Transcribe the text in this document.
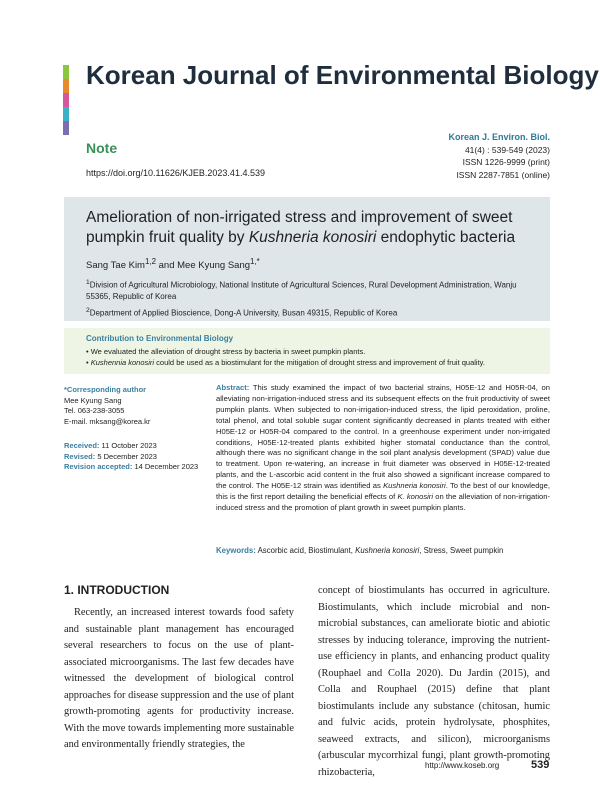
Korean Journal of Environmental Biology
Note
https://doi.org/10.11626/KJEB.2023.41.4.539
Korean J. Environ. Biol.
41(4) : 539-549 (2023)
ISSN 1226-9999 (print)
ISSN 2287-7851 (online)
Amelioration of non-irrigated stress and improvement of sweet pumpkin fruit quality by Kushneria konosiri endophytic bacteria
Sang Tae Kim$^{1,2}$ and Mee Kyung Sang$^{1,*}$

$^1$Division of Agricultural Microbiology, National Institute of Agricultural Sciences, Rural Development Administration, Wanju 55365, Republic of Korea

$^2$Department of Applied Bioscience, Dong-A University, Busan 49315, Republic of Korea

Contribution to Environmental Biology
• We evaluated the alleviation of drought stress by bacteria in sweet pumpkin plants.
• Kushennia konosiri could be used as a biostimulant for the mitigation of drought stress and improvement of fruit quality.
*Corresponding author
Mee Kyung Sang
Tel. 063-238-3055
E-mail. mksang@korea.kr
Received: 11 October 2023
Revised: 5 December 2023
Revision accepted: 14 December 2023
Abstract: This study examined the impact of two bacterial strains, H05E-12 and H05R-04, on alleviating non-irrigation-induced stress and its subsequent effects on the fruit productivity of sweet pumpkin plants. When subjected to non-irrigation-induced stress, the lipid peroxidation, proline, total phenol, and total soluble sugar content significantly decreased in plants treated with either H05E-12 or H05R-04 compared to the control. In a greenhouse experiment under non-irrigated conditions, H05E-12-treated plants exhibited higher stomatal conductance than the control, although there was no significant change in the soil plant analysis development (SPAD) value due to treatment. Upon re-watering, an increase in fruit diameter was observed in H05E-12-treated plants, and the L-ascorbic acid content in the fruit also showed a significant increase compared to the control. The H05E-12 strain was identified as Kushneria konosiri. To the best of our knowledge, this is the first report detailing the beneficial effects of K. konosiri on the alleviation of non-irrigation-induced stress and the promotion of plant growth in sweet pumpkin plants.
Keywords: Ascorbic acid, Biostimulant, Kushneria konosiri, Stress, Sweet pumpkin
1. INTRODUCTION
Recently, an increased interest towards food safety and sustainable plant management has encouraged several researchers to focus on the use of plant-associated microorganisms. The last few decades have witnessed the development of biological control approaches for disease suppression and the use of plant growth-promoting agents for productivity increase. With the move towards implementing more sustainable and environmentally friendly strategies, the
concept of biostimulants has occurred in agriculture. Biostimulants, which include microbial and non-microbial substances, can ameliorate biotic and abiotic stresses by inducing tolerance, improving the nutrient-use efficiency in plants, and enhancing product quality (Rouphael and Colla 2020). Du Jardin (2015), and Colla and Rouphael (2015) define that plant biostimulants include any substance (chitosan, humic and fulvic acids, protein hydrolysate, phosphites, seaweed extracts, and silicon), microorganisms (arbuscular mycorrhizal fungi, plant growth-promoting rhizobacteria,
http://www.koseb.org	539
